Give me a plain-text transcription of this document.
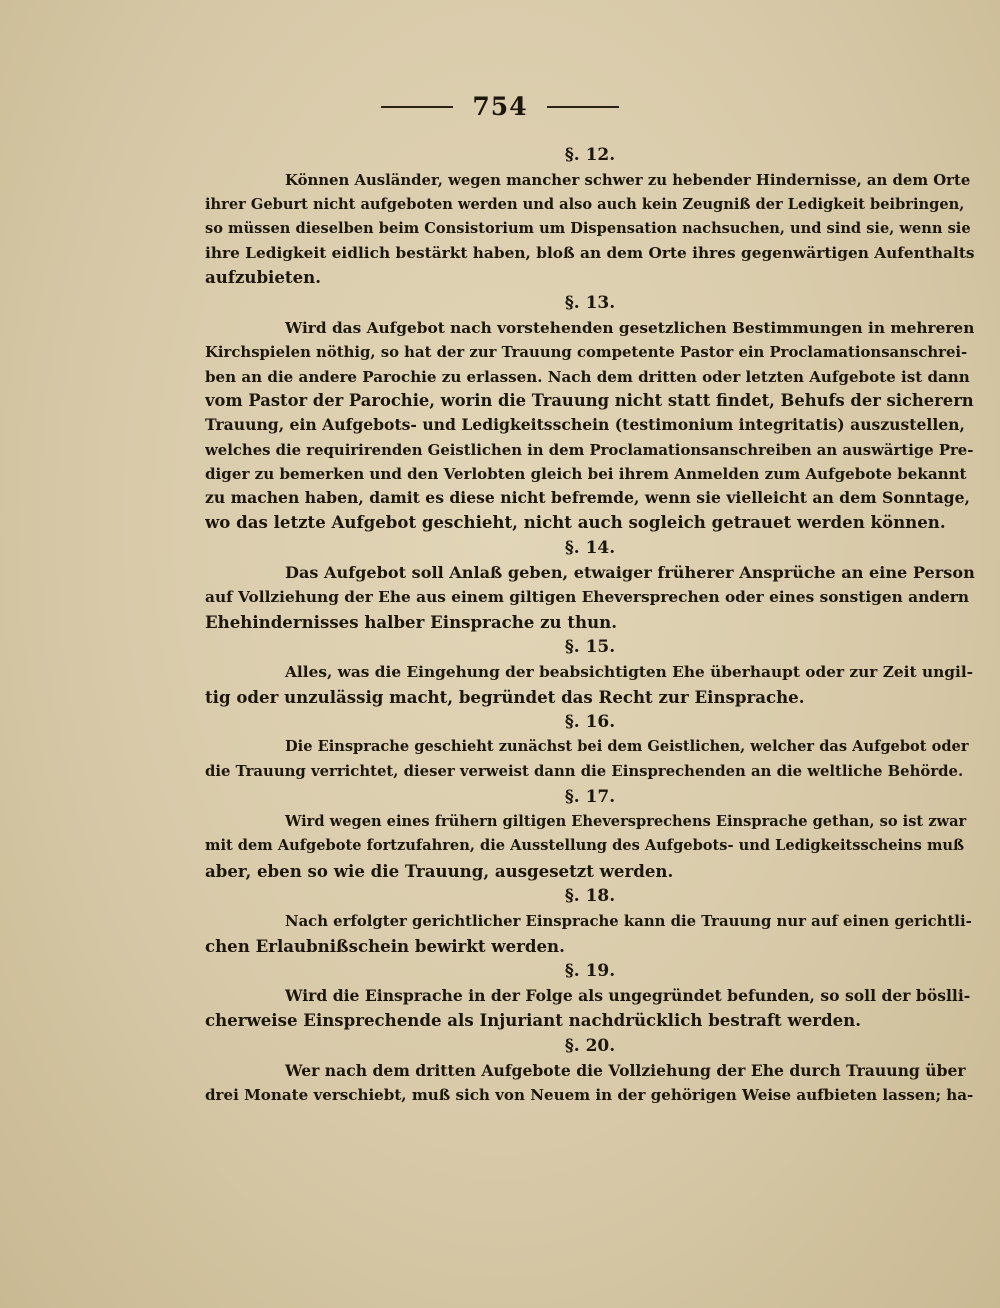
754
§. 12.
Können Ausländer, wegen mancher schwer zu hebender Hindernisse, an dem Orte
ihrer Geburt nicht aufgeboten werden und also auch kein Zeugniß der Ledigkeit beibringen,
so müssen dieselben beim Consistorium um Dispensation nachsuchen, und sind sie, wenn sie
ihre Ledigkeit eidlich bestärkt haben, bloß an dem Orte ihres gegenwärtigen Aufenthalts
aufzubieten.
§. 13.
Wird das Aufgebot nach vorstehenden gesetzlichen Bestimmungen in mehreren
Kirchspielen nöthig, so hat der zur Trauung competente Pastor ein Proclamationsanschrei-
ben an die andere Parochie zu erlassen. Nach dem dritten oder letzten Aufgebote ist dann
vom Pastor der Parochie, worin die Trauung nicht statt findet, Behufs der sicherern
Trauung, ein Aufgebots- und Ledigkeitsschein (testimonium integritatis) auszustellen,
welches die requirirenden Geistlichen in dem Proclamationsanschreiben an auswärtige Pre-
diger zu bemerken und den Verlobten gleich bei ihrem Anmelden zum Aufgebote bekannt
zu machen haben, damit es diese nicht befremde, wenn sie vielleicht an dem Sonntage,
wo das letzte Aufgebot geschieht, nicht auch sogleich getrauet werden können.
§. 14.
Das Aufgebot soll Anlaß geben, etwaiger früherer Ansprüche an eine Person
auf Vollziehung der Ehe aus einem giltigen Eheversprechen oder eines sonstigen andern
Ehehindernisses halber Einsprache zu thun.
§. 15.
Alles, was die Eingehung der beabsichtigten Ehe überhaupt oder zur Zeit ungil-
tig oder unzulässig macht, begründet das Recht zur Einsprache.
§. 16.
Die Einsprache geschieht zunächst bei dem Geistlichen, welcher das Aufgebot oder
die Trauung verrichtet, dieser verweist dann die Einsprechenden an die weltliche Behörde.
§. 17.
Wird wegen eines frühern giltigen Eheversprechens Einsprache gethan, so ist zwar
mit dem Aufgebote fortzufahren, die Ausstellung des Aufgebots- und Ledigkeitsscheins muß
aber, eben so wie die Trauung, ausgesetzt werden.
§. 18.
Nach erfolgter gerichtlicher Einsprache kann die Trauung nur auf einen gerichtli-
chen Erlaubnißschein bewirkt werden.
§. 19.
Wird die Einsprache in der Folge als ungegründet befunden, so soll der böslli-
cherweise Einsprechende als Injuriant nachdrücklich bestraft werden.
§. 20.
Wer nach dem dritten Aufgebote die Vollziehung der Ehe durch Trauung über
drei Monate verschiebt, muß sich von Neuem in der gehörigen Weise aufbieten lassen; ha-
